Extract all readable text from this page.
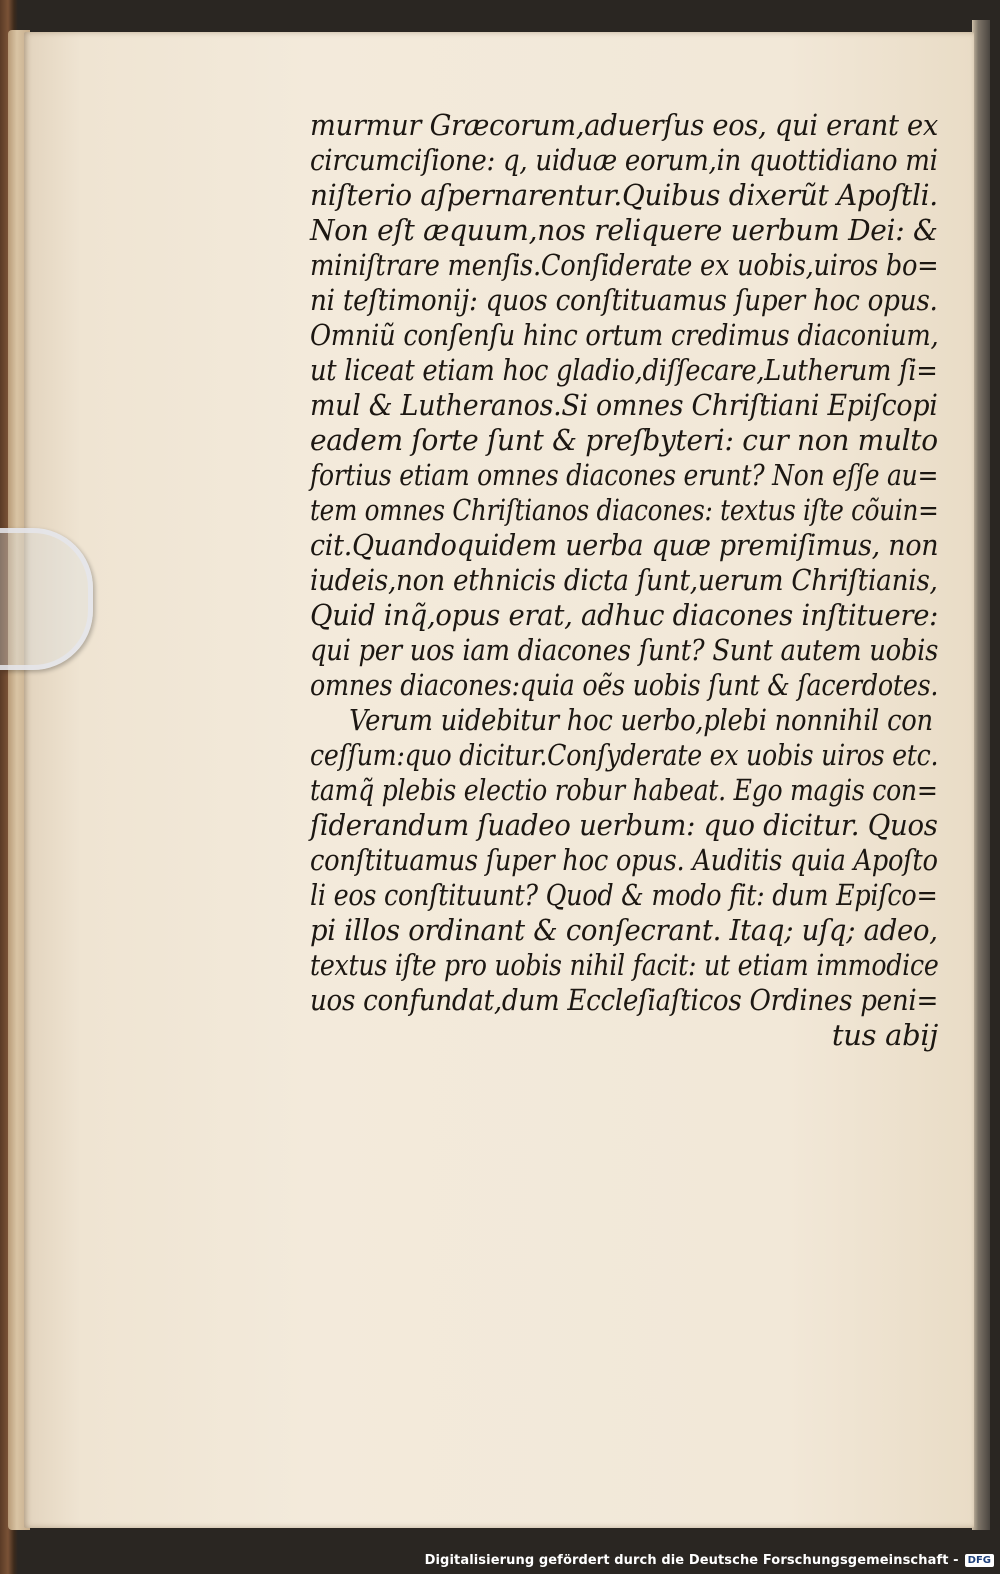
murmur Græcorum,aduerſus eos, qui erant ex
circumciſione: q, uiduæ eorum,in quottidiano mi
niſterio aſpernarentur.Quibus dixerũt Apoſtli.
Non eſt æquum,nos reliquere uerbum Dei: &
miniſtrare menſis.Conſiderate ex uobis,uiros bo=
ni teſtimonij: quos conſtituamus ſuper hoc opus.
Omniũ conſenſu hinc ortum credimus diaconium,
ut liceat etiam hoc gladio,diſſecare,Lutherum ſi=
mul & Lutheranos.Si omnes Chriſtiani Epiſcopi
eadem ſorte ſunt & preſbyteri: cur non multo
fortius etiam omnes diacones erunt? Non eſſe au=
tem omnes Chriſtianos diacones: textus iſte cõuin=
cit.Quandoquidem uerba quæ premiſimus, non
iudeis,non ethnicis dicta ſunt,uerum Chriſtianis,
Quid inq̃,opus erat, adhuc diacones inſtituere:
qui per uos iam diacones ſunt? Sunt autem uobis
omnes diacones:quia oẽs uobis ſunt & ſacerdotes.
Verum uidebitur hoc uerbo,plebi nonnihil con
ceſſum:quo dicitur.Conſyderate ex uobis uiros etc.
tamq̃ plebis electio robur habeat. Ego magis con=
ſiderandum ſuadeo uerbum: quo dicitur. Quos
conſtituamus ſuper hoc opus. Auditis quia Apoſto
li eos conſtituunt? Quod & modo fit: dum Epiſco=
pi illos ordinant & conſecrant. Itaq; uſq; adeo,
textus iſte pro uobis nihil facit: ut etiam immodice
uos confundat,dum Eccleſiaſticos Ordines peni=
tus abij
Digitalisierung gefördert durch die Deutsche Forschungsgemeinschaft - DFG
